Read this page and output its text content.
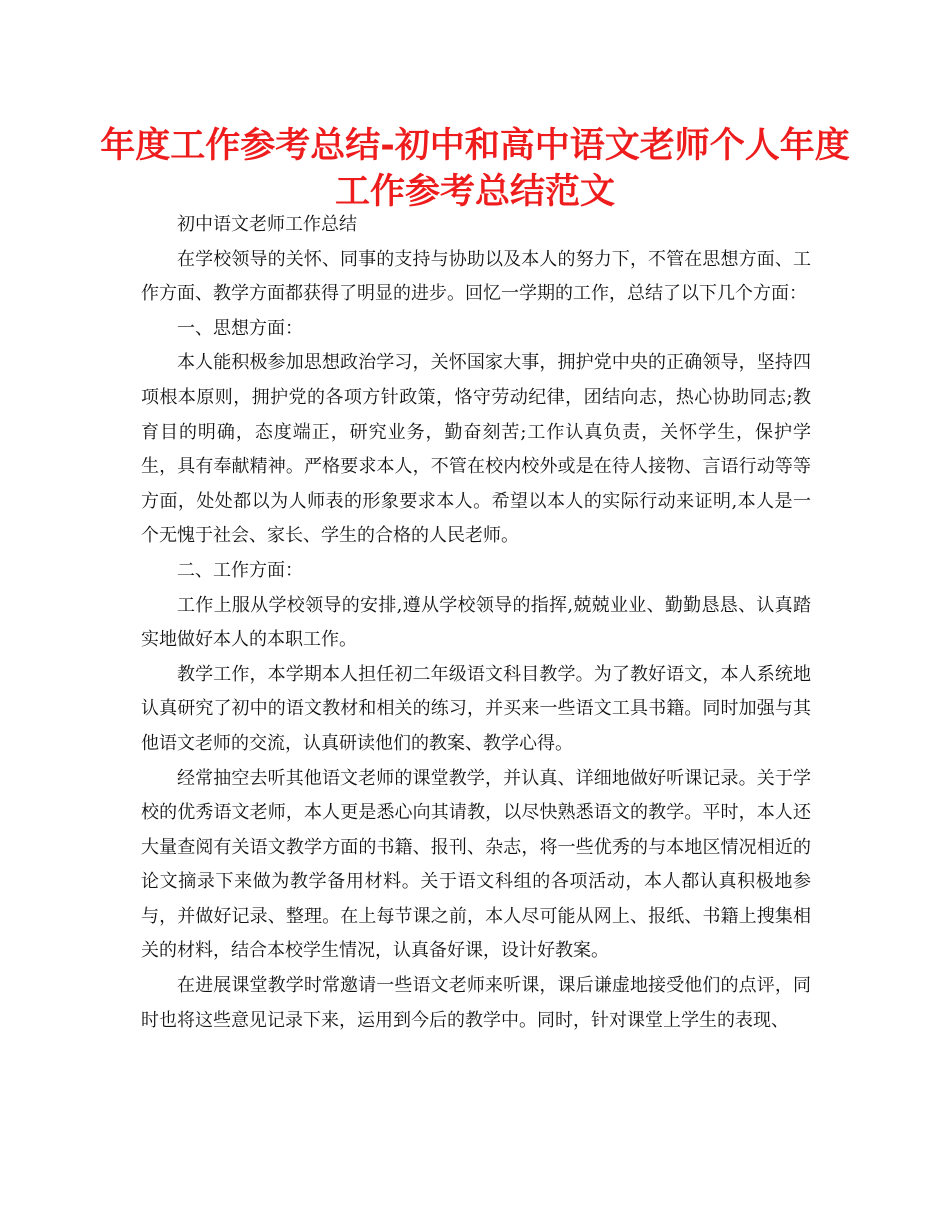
年度工作参考总结-初中和高中语文老师个人年度
工作参考总结范文

初中语文老师工作总结

在学校领导的关怀、同事的支持与协助以及本人的努力下，不管在思想方面、工作方面、教学方面都获得了明显的进步。回忆一学期的工作，总结了以下几个方面：

一、思想方面：

本人能积极参加思想政治学习，关怀国家大事，拥护党中央的正确领导，坚持四项根本原则，拥护党的各项方针政策，恪守劳动纪律，团结向志，热心协助同志;教育目的明确，态度端正，研究业务，勤奋刻苦;工作认真负责，关怀学生，保护学生，具有奉献精神。严格要求本人，不管在校内校外或是在待人接物、言语行动等等方面，处处都以为人师表的形象要求本人。希望以本人的实际行动来证明,本人是一个无愧于社会、家长、学生的合格的人民老师。

二、工作方面：

工作上服从学校领导的安排,遵从学校领导的指挥,兢兢业业、勤勤恳恳、认真踏实地做好本人的本职工作。

教学工作，本学期本人担任初二年级语文科目教学。为了教好语文，本人系统地认真研究了初中的语文教材和相关的练习，并买来一些语文工具书籍。同时加强与其他语文老师的交流，认真研读他们的教案、教学心得。

经常抽空去听其他语文老师的课堂教学，并认真、详细地做好听课记录。关于学校的优秀语文老师，本人更是悉心向其请教，以尽快熟悉语文的教学。平时，本人还大量查阅有关语文教学方面的书籍、报刊、杂志，将一些优秀的与本地区情况相近的论文摘录下来做为教学备用材料。关于语文科组的各项活动，本人都认真积极地参与，并做好记录、整理。在上每节课之前，本人尽可能从网上、报纸、书籍上搜集相关的材料，结合本校学生情况，认真备好课，设计好教案。

在进展课堂教学时常邀请一些语文老师来听课，课后谦虚地接受他们的点评，同时也将这些意见记录下来，运用到今后的教学中。同时，针对课堂上学生的表现、
